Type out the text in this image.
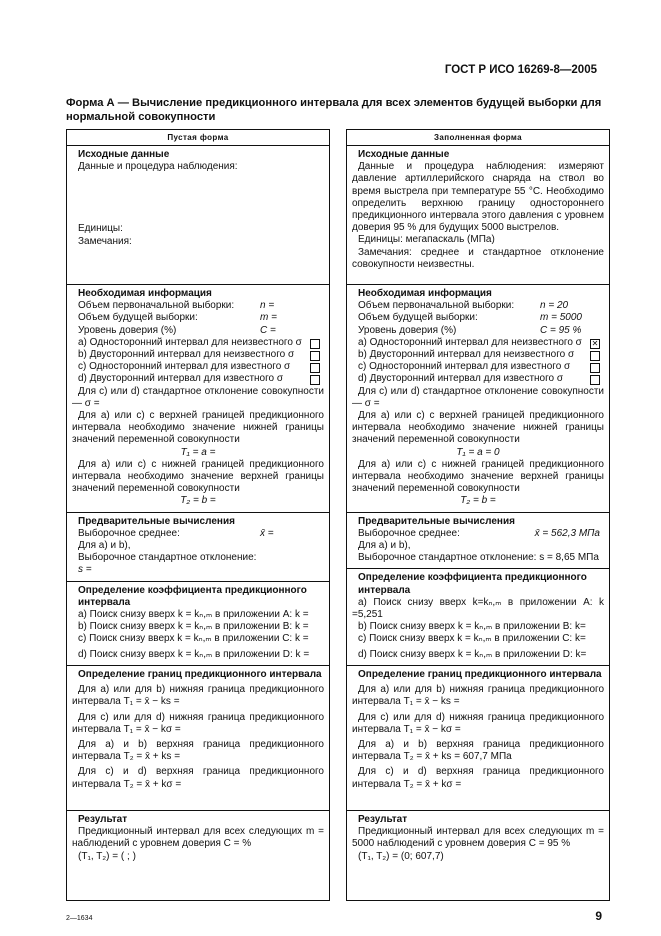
ГОСТ Р ИСО 16269-8—2005
Форма А — Вычисление предикционного интервала для всех элементов будущей выборки для нормальной совокупности
Пустая форма
Исходные данные
Данные и процедура наблюдения:
Единицы:
Замечания:
Необходимая информация
Объем первоначальной выборки:	n =
Объем будущей выборки:	m =
Уровень доверия (%)	C =
a) Односторонний интервал для неизвестного σ
b) Двусторонний интервал для неизвестного σ
c) Односторонний интервал для известного σ
d) Двусторонний интервал для известного σ
Для c) или d) стандартное отклонение совокупности — σ =
Для a) или c) с верхней границей предикционного интервала необходимо значение нижней границы значений переменной совокупности
T₁ = a =
Для a) или c) с нижней границей предикционного интервала необходимо значение верхней границы значений переменной совокупности
T₂ = b =
Предварительные вычисления
Выборочное среднее:	x̄ =
Для a) и b),
Выборочное стандартное отклонение:
s =
Определение коэффициента предикционного интервала
a) Поиск снизу вверх k = kₙ,ₘ в приложении A: k =
b) Поиск снизу вверх k = kₙ,ₘ в приложении B: k =
c) Поиск снизу вверх k = kₙ,ₘ в приложении C: k =
d) Поиск снизу вверх k = kₙ,ₘ в приложении D: k =
Определение границ предикционного интервала
Для a) или для b) нижняя граница предикционного интервала T₁ = x̄ − ks =
Для c) или для d) нижняя граница предикционного интервала T₁ = x̄ − kσ =
Для a) и b) верхняя граница предикционного интервала T₂ = x̄ + ks =
Для c) и d) верхняя граница предикционного интервала T₂ = x̄ + kσ =
Результат
Предикционный интервал для всех следующих m = наблюдений с уровнем доверия C = %
(T₁, T₂) = ( ; )
Заполненная форма
Исходные данные
Данные и процедура наблюдения: измеряют давление артиллерийского снаряда на ствол во время выстрела при температуре 55 °C. Необходимо определить верхнюю границу одностороннего предикционного интервала этого давления с уровнем доверия 95 % для будущих 5000 выстрелов.
Единицы: мегапаскаль (МПа)
Замечания: среднее и стандартное отклонение совокупности неизвестны.
Необходимая информация
Объем первоначальной выборки:	n = 20
Объем будущей выборки:	m = 5000
Уровень доверия (%)	C = 95 %
a) Односторонний интервал для неизвестного σ ✕
b) Двусторонний интервал для неизвестного σ
c) Односторонний интервал для известного σ
d) Двусторонний интервал для известного σ
Для c) или d) стандартное отклонение совокупности — σ =
Для a) или c) с верхней границей предикционного интервала необходимо значение нижней границы значений переменной совокупности
T₁ = a = 0
Для a) или c) с нижней границей предикционного интервала необходимо значение верхней границы значений переменной совокупности
T₂ = b =
Предварительные вычисления
Выборочное среднее:	x̄ = 562,3 МПа
Для a) и b),
Выборочное стандартное отклонение: s = 8,65 МПа
Определение коэффициента предикционного интервала
a) Поиск снизу вверх k=kₙ,ₘ в приложении A: k =5,251
b) Поиск снизу вверх k = kₙ,ₘ в приложении B: k=
c) Поиск снизу вверх k = kₙ,ₘ в приложении C: k=
d) Поиск снизу вверх k = kₙ,ₘ в приложении D: k=
Определение границ предикционного интервала
Для a) или для b) нижняя граница предикционного интервала T₁ = x̄ − ks =
Для c) или для d) нижняя граница предикционного интервала T₁ = x̄ − kσ =
Для a) и b) верхняя граница предикционного интервала T₂ = x̄ + ks = 607,7 МПа
Для c) и d) верхняя граница предикционного интервала T₂ = x̄ + kσ =
Результат
Предикционный интервал для всех следующих m = 5000 наблюдений с уровнем доверия C = 95 %
(T₁, T₂) = (0; 607,7)
2—1634	9
